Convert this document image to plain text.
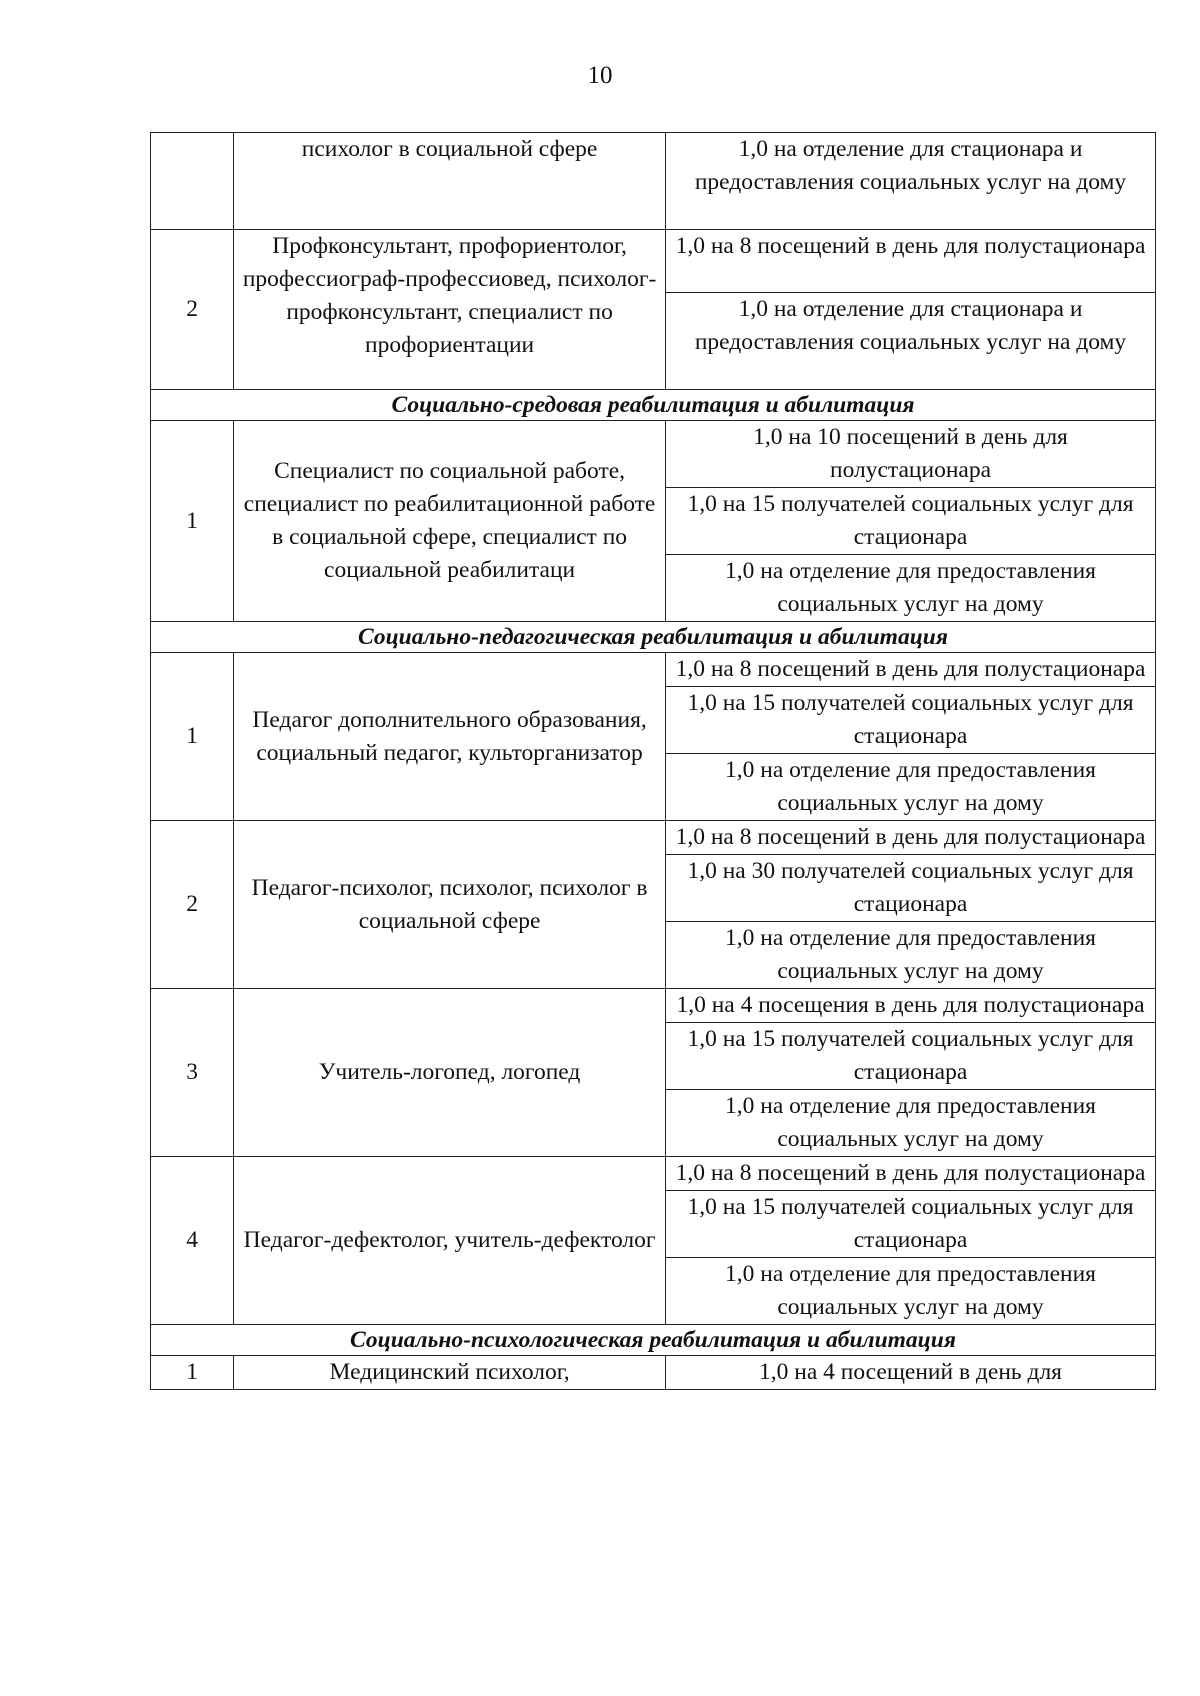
10
	психолог в социальной сфере	1,0 на отделение для стационара и предоставления социальных услуг на дому
2	Профконсультант, профориентолог, профессиограф-профессиовед, психолог-профконсультант, специалист по профориентации	1,0 на 8 посещений в день для полустационара
		1,0 на отделение для стационара и предоставления социальных услуг на дому
Социально-средовая реабилитация и абилитация		
1	Специалист по социальной работе, специалист по реабилитационной работе в социальной сфере, специалист по социальной реабилитаци	1,0 на 10 посещений в день для полустационара
		1,0 на 15 получателей социальных услуг для стационара
		1,0 на отделение для предоставления социальных услуг на дому
Социально-педагогическая реабилитация и абилитация		
1	Педагог дополнительного образования, социальный педагог, культорганизатор	1,0 на 8 посещений в день для полустационара
		1,0 на 15 получателей социальных услуг для стационара
		1,0 на отделение для предоставления социальных услуг на дому
2	Педагог-психолог, психолог, психолог в социальной сфере	1,0 на 8 посещений в день для полустационара
		1,0 на 30 получателей социальных услуг для стационара
		1,0 на отделение для предоставления социальных услуг на дому
3	Учитель-логопед, логопед	1,0 на 4 посещения в день для полустационара
		1,0 на 15 получателей социальных услуг для стационара
		1,0 на отделение для предоставления социальных услуг на дому
4	Педагог-дефектолог, учитель-дефектолог	1,0 на 8 посещений в день для полустационара
		1,0 на 15 получателей социальных услуг для стационара
		1,0 на отделение для предоставления социальных услуг на дому
Социально-психологическая реабилитация и абилитация		
1	Медицинский психолог,	1,0 на 4 посещений в день для
